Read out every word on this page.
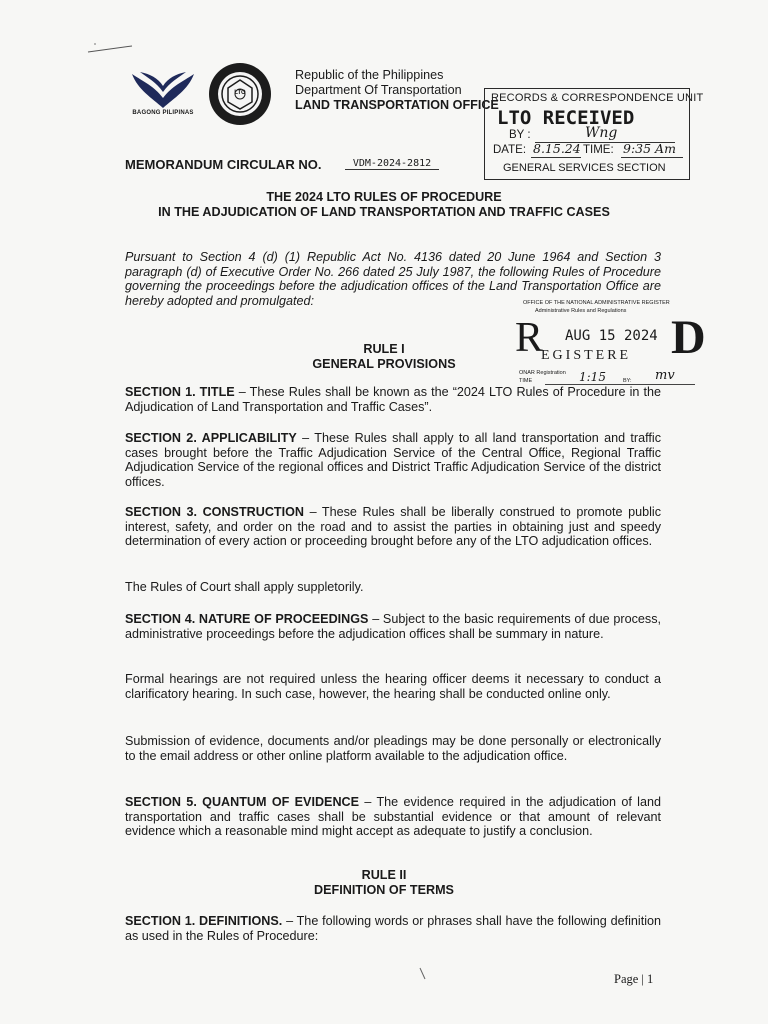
BAGONG PILIPINAS
LTO
Republic of the Philippines
Department Of Transportation
LAND TRANSPORTATION OFFICE
RECORDS & CORRESPONDENCE UNIT
LTO RECEIVED
BY :	Wng
DATE: 8.15.24 TIME: 9:35 Am
GENERAL SERVICES SECTION
MEMORANDUM CIRCULAR NO.	VDM-2024-2812
THE 2024 LTO RULES OF PROCEDURE
IN THE ADJUDICATION OF LAND TRANSPORTATION AND TRAFFIC CASES
Pursuant to Section 4 (d) (1) Republic Act No. 4136 dated 20 June 1964 and Section 3 paragraph (d) of Executive Order No. 266 dated 25 July 1987, the following Rules of Procedure governing the proceedings before the adjudication offices of the Land Transportation Office are hereby adopted and promulgated:	OFFICE OF THE NATIONAL ADMINISTRATIVE REGISTER
Administrative Rules and Regulations
R AUG 15 2024
EGISTERE D
ONAR Registration
TIME	BY:
1:15	mv
RULE I
GENERAL PROVISIONS
SECTION 1. TITLE – These Rules shall be known as the “2024 LTO Rules of Procedure in the Adjudication of Land Transportation and Traffic Cases”.
SECTION 2. APPLICABILITY – These Rules shall apply to all land transportation and traffic cases brought before the Traffic Adjudication Service of the Central Office, Regional Traffic Adjudication Service of the regional offices and District Traffic Adjudication Service of the district offices.
SECTION 3. CONSTRUCTION – These Rules shall be liberally construed to promote public interest, safety, and order on the road and to assist the parties in obtaining just and speedy determination of every action or proceeding brought before any of the LTO adjudication offices.
The Rules of Court shall apply suppletorily.
SECTION 4. NATURE OF PROCEEDINGS – Subject to the basic requirements of due process, administrative proceedings before the adjudication offices shall be summary in nature.
Formal hearings are not required unless the hearing officer deems it necessary to conduct a clarificatory hearing. In such case, however, the hearing shall be conducted online only.
Submission of evidence, documents and/or pleadings may be done personally or electronically to the email address or other online platform available to the adjudication office.
SECTION 5. QUANTUM OF EVIDENCE – The evidence required in the adjudication of land transportation and traffic cases shall be substantial evidence or that amount of relevant evidence which a reasonable mind might accept as adequate to justify a conclusion.
RULE II
DEFINITION OF TERMS
SECTION 1. DEFINITIONS. – The following words or phrases shall have the following definition as used in the Rules of Procedure:
Page | 1
